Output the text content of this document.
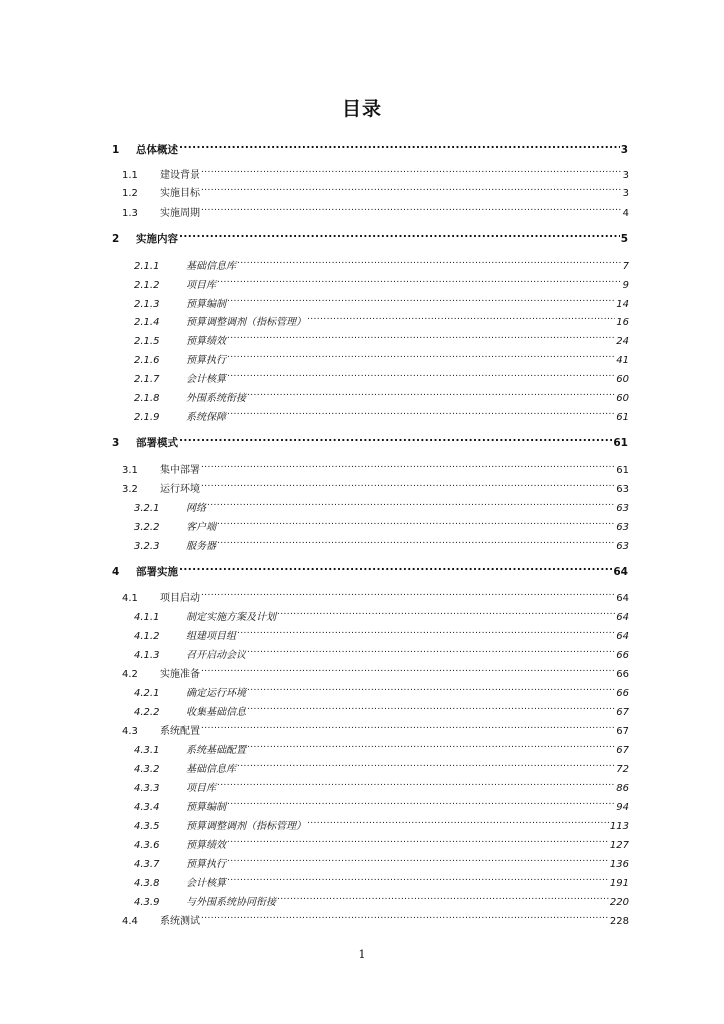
目录
1	总体概述 .....	3
1.1	建设背景 .....	3
1.2	实施目标 .....	3
1.3	实施周期 .....	4
2	实施内容 .....	5
2.1.1	基础信息库 .....	7
2.1.2	项目库 .....	9
2.1.3	预算编制 .....	14
2.1.4	预算调整调剂（指标管理） .....	16
2.1.5	预算绩效 .....	24
2.1.6	预算执行 .....	41
2.1.7	会计核算 .....	60
2.1.8	外围系统衔接 .....	60
2.1.9	系统保障 .....	61
3	部署模式 .....	61
3.1	集中部署 .....	61
3.2	运行环境 .....	63
3.2.1	网络 .....	63
3.2.2	客户端 .....	63
3.2.3	服务器 .....	63
4	部署实施 .....	64
4.1	项目启动 .....	64
4.1.1	制定实施方案及计划 .....	64
4.1.2	组建项目组 .....	64
4.1.3	召开启动会议 .....	66
4.2	实施准备 .....	66
4.2.1	确定运行环境 .....	66
4.2.2	收集基础信息 .....	67
4.3	系统配置 .....	67
4.3.1	系统基础配置 .....	67
4.3.2	基础信息库 .....	72
4.3.3	项目库 .....	86
4.3.4	预算编制 .....	94
4.3.5	预算调整调剂（指标管理） .....	113
4.3.6	预算绩效 .....	127
4.3.7	预算执行 .....	136
4.3.8	会计核算 .....	191
4.3.9	与外围系统协同衔接 .....	220
4.4	系统测试 .....	228
1
